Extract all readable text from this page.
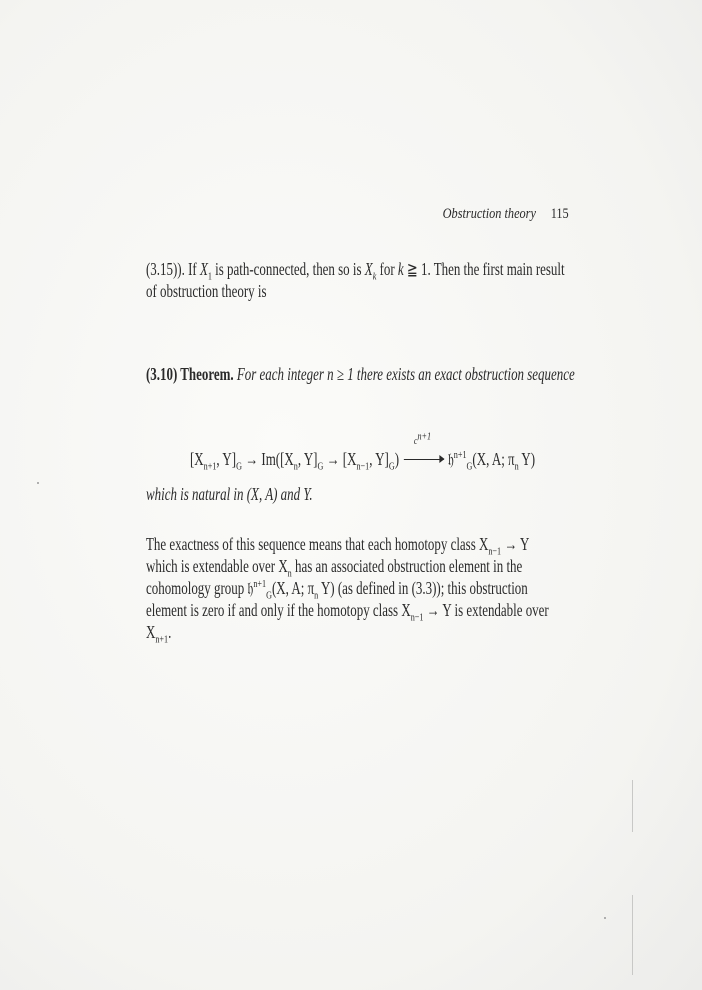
Obstruction theory 115
(3.15)). If $X_1$ is path-connected, then so is $X_k$ for k ≧ 1. Then the first main result
of obstruction theory is
(3.10) Theorem. For each integer n ≥ 1 there exists an exact obstruction sequence
[$X_{n+1}$, $Y]_G \to Im([X_n$, $Y]_G \to [X_{n-1}$, $Y]_G$)
$c^{n+1}$
𝔥$^{n+1}_G$(X, A; $\pi_n$ Y)
which is natural in (X, A) and Y.
The exactness of this sequence means that each homotopy class $X_{n-1} \to Y$
which is extendable over $X_n$ has an associated obstruction element in the
cohomology group 𝔥$^{n+1}_G$(X, A; $\pi_n$ Y) (as defined in (3.3)); this obstruction
element is zero if and only if the homotopy class $X_{n-1} \to Y$ is extendable over
$X_{n+1}$.
